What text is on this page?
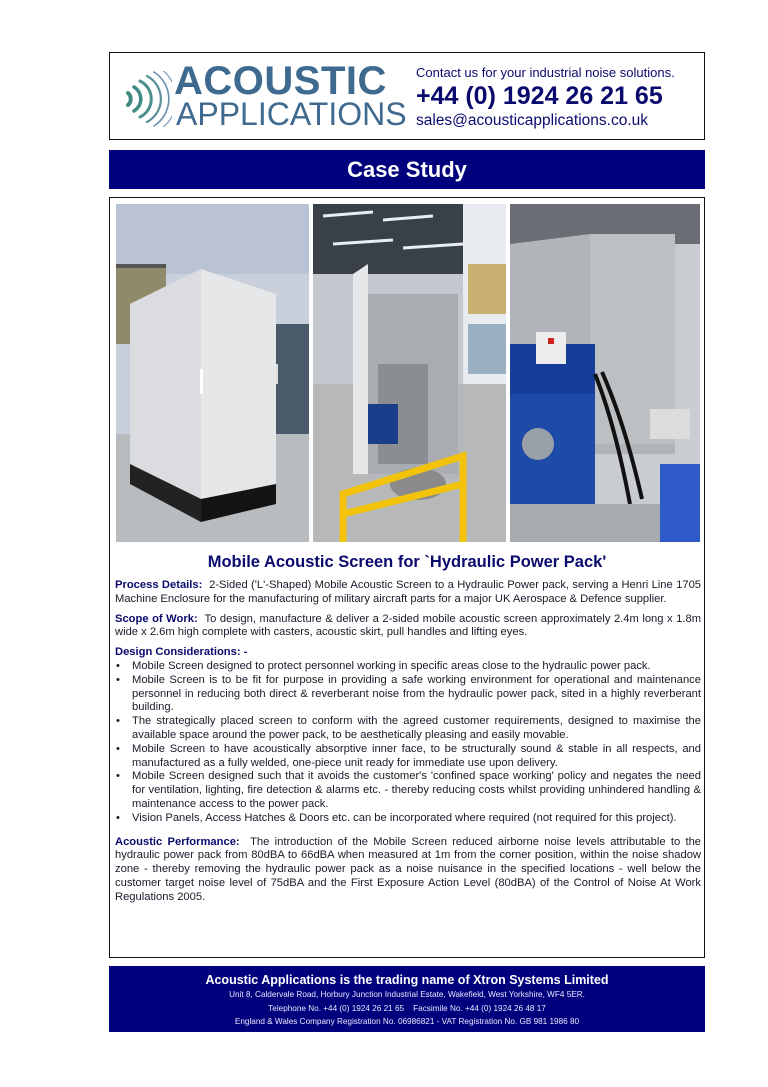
ACOUSTIC
APPLICATIONS
Contact us for your industrial noise solutions.
+44 (0) 1924 26 21 65
sales@acousticapplications.co.uk
Case Study
Mobile Acoustic Screen for `Hydraulic Power Pack'

Process Details: 2-Sided ('L'-Shaped) Mobile Acoustic Screen to a Hydraulic Power pack, serving a Henri Line 1705 Machine Enclosure for the manufacturing of military aircraft parts for a major UK Aerospace & Defence supplier.

Scope of Work: To design, manufacture & deliver a 2-sided mobile acoustic screen approximately 2.4m long x 1.8m wide x 2.6m high complete with casters, acoustic skirt, pull handles and lifting eyes.

Design Considerations: -
• Mobile Screen designed to protect personnel working in specific areas close to the hydraulic power pack.
• Mobile Screen is to be fit for purpose in providing a safe working environment for operational and maintenance personnel in reducing both direct & reverberant noise from the hydraulic power pack, sited in a highly reverberant building.
• The strategically placed screen to conform with the agreed customer requirements, designed to maximise the available space around the power pack, to be aesthetically pleasing and easily movable.
• Mobile Screen to have acoustically absorptive inner face, to be structurally sound & stable in all respects, and manufactured as a fully welded, one-piece unit ready for immediate use upon delivery.
• Mobile Screen designed such that it avoids the customer's 'confined space working' policy and negates the need for ventilation, lighting, fire detection & alarms etc. - thereby reducing costs whilst providing unhindered handling & maintenance access to the power pack.
• Vision Panels, Access Hatches & Doors etc. can be incorporated where required (not required for this project).

Acoustic Performance: The introduction of the Mobile Screen reduced airborne noise levels attributable to the hydraulic power pack from 80dBA to 66dBA when measured at 1m from the corner position, within the noise shadow zone - thereby removing the hydraulic power pack as a noise nuisance in the specified locations - well below the customer target noise level of 75dBA and the First Exposure Action Level (80dBA) of the Control of Noise At Work Regulations 2005.

Acoustic Applications is the trading name of Xtron Systems Limited
Unit 8, Caldervale Road, Horbury Junction Industrial Estate, Wakefield, West Yorkshire, WF4 5ER.
Telephone No. +44 (0) 1924 26 21 65    Facsimile No. +44 (0) 1924 26 48 17
England & Wales Company Registration No. 06986821 - VAT Registration No. GB 981 1986 80
